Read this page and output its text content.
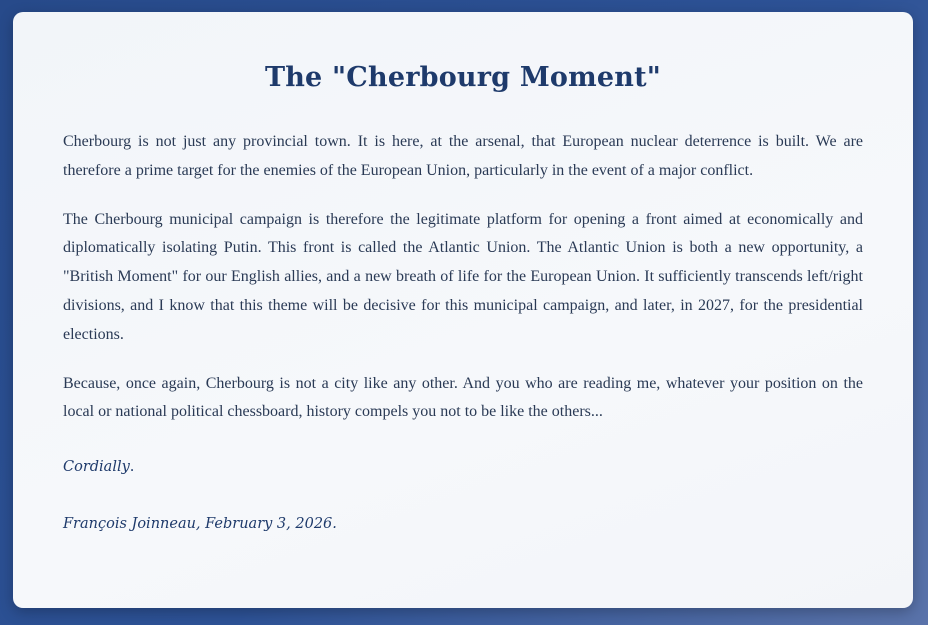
The "Cherbourg Moment"

Cherbourg is not just any provincial town. It is here, at the arsenal, that European nuclear deterrence is built. We are therefore a prime target for the enemies of the European Union, particularly in the event of a major conflict.

The Cherbourg municipal campaign is therefore the legitimate platform for opening a front aimed at economically and diplomatically isolating Putin. This front is called the Atlantic Union. The Atlantic Union is both a new opportunity, a "British Moment" for our English allies, and a new breath of life for the European Union. It sufficiently transcends left/right divisions, and I know that this theme will be decisive for this municipal campaign, and later, in 2027, for the presidential elections.

Because, once again, Cherbourg is not a city like any other. And you who are reading me, whatever your position on the local or national political chessboard, history compels you not to be like the others...

Cordially.

François Joinneau, February 3, 2026.
